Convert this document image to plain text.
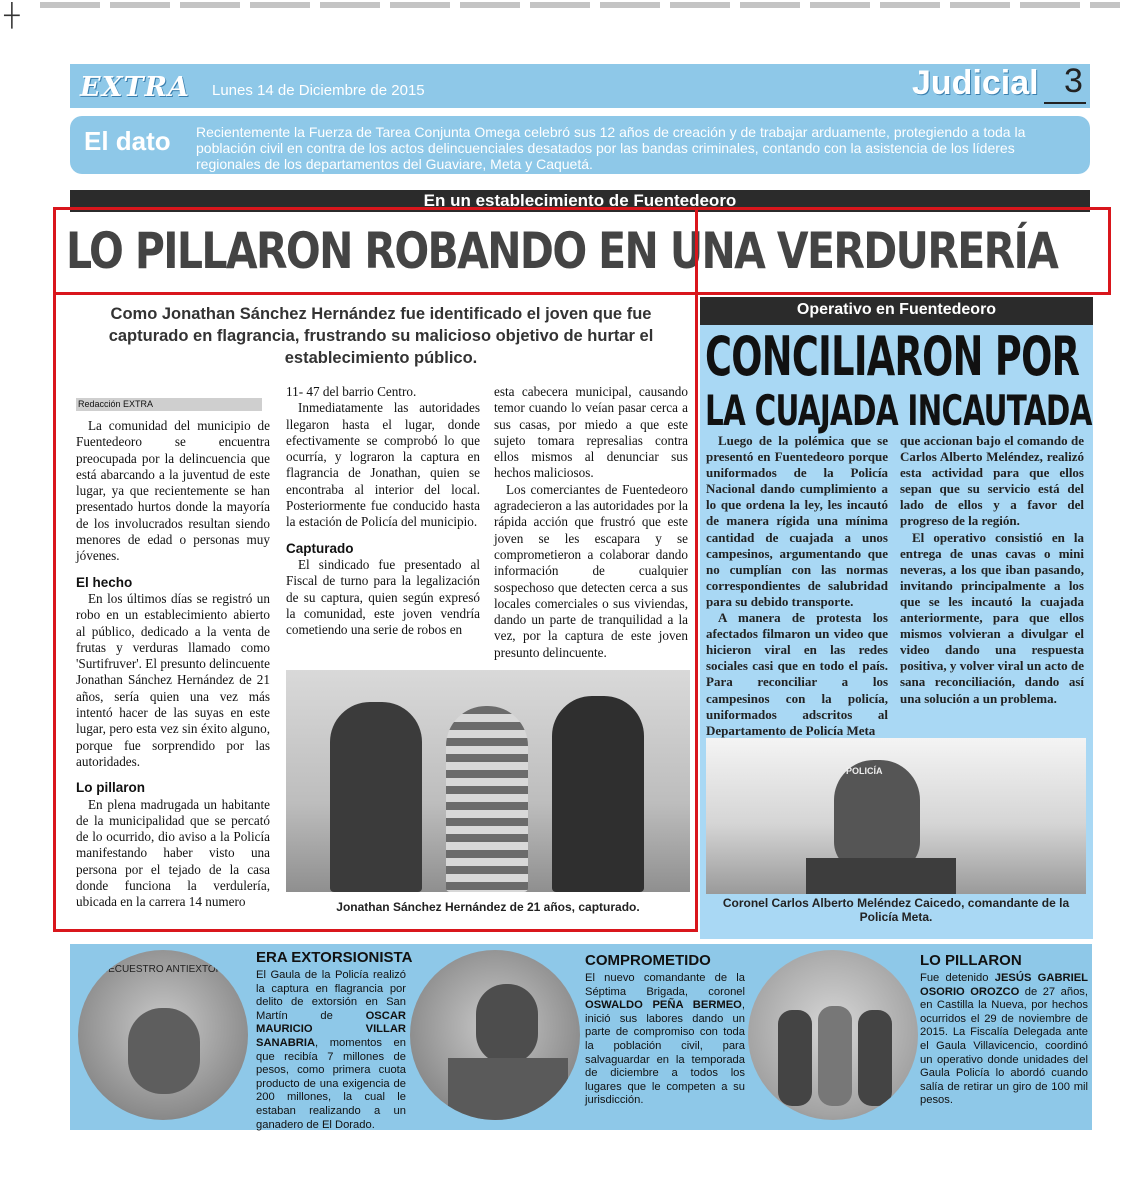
┼
EXTRA Lunes 14 de Diciembre de 2015	Judicial 3
El dato Recientemente la Fuerza de Tarea Conjunta Omega celebró sus 12 años de creación y de trabajar arduamente, protegiendo a toda la población civil en contra de los actos delincuenciales desatados por las bandas criminales, contando con la asistencia de los líderes regionales de los departamentos del Guaviare, Meta y Caquetá.
En un establecimiento de Fuentedeoro
LO PILLARON ROBANDO EN UNA VERDURERÍA
Como Jonathan Sánchez Hernández fue identificado el joven que fue capturado en flagrancia, frustrando su malicioso objetivo de hurtar el establecimiento público.
Redacción EXTRA

La comunidad del municipio de Fuentedeoro se encuentra preocupada por la delincuencia que está abarcando a la juventud de este lugar, ya que recientemente se han presentado hurtos donde la mayoría de los involucrados resultan siendo menores de edad o personas muy jóvenes.

El hecho

En los últimos días se registró un robo en un establecimiento abierto al público, dedicado a la venta de frutas y verduras llamado como 'Surtifruver'. El presunto delincuente Jonathan Sánchez Hernández de 21 años, sería quien una vez más intentó hacer de las suyas en este lugar, pero esta vez sin éxito alguno, porque fue sorprendido por las autoridades.

Lo pillaron

En plena madrugada un habitante de la municipalidad que se percató de lo ocurrido, dio aviso a la Policía manifestando haber visto una persona por el tejado de la casa donde funciona la verdulería, ubicada en la carrera 14 numero

11- 47 del barrio Centro.

Inmediatamente las autoridades llegaron hasta el lugar, donde efectivamente se comprobó lo que ocurría, y lograron la captura en flagrancia de Jonathan, quien se encontraba al interior del local. Posteriormente fue conducido hasta la estación de Policía del municipio.

Capturado

El sindicado fue presentado al Fiscal de turno para la legalización de su captura, quien según expresó la comunidad, este joven vendría cometiendo una serie de robos en

esta cabecera municipal, causando temor cuando lo veían pasar cerca a sus casas, por miedo a que este sujeto tomara represalias contra ellos mismos al denunciar sus hechos maliciosos.

Los comerciantes de Fuentedeoro agradecieron a las autoridades por la rápida acción que frustró que este joven se les escapara y se comprometieron a colaborar dando información de cualquier sospechoso que detecten cerca a sus locales comerciales o sus viviendas, dando un parte de tranquilidad a la vez, por la captura de este joven presunto delincuente.

Jonathan Sánchez Hernández de 21 años, capturado.
Operativo en Fuentedeoro
CONCILIARON POR
LA CUAJADA INCAUTADA

Luego de la polémica que se presentó en Fuentedeoro porque uniformados de la Policía Nacional dando cumplimiento a lo que ordena la ley, les incautó de manera rígida una mínima cantidad de cuajada a unos campesinos, argumentando que no cumplían con las normas correspondientes de salubridad para su debido transporte.

A manera de protesta los afectados filmaron un video que hicieron viral en las redes sociales casi que en todo el país. Para reconciliar a los campesinos con la policía, uniformados adscritos al Departamento de Policía Meta

que accionan bajo el comando de Carlos Alberto Meléndez, realizó esta actividad para que ellos sepan que su servicio está del lado de ellos y a favor del progreso de la región.

El operativo consistió en la entrega de unas cavas o mini neveras, a los que iban pasando, invitando principalmente a los que se les incautó la cuajada anteriormente, para que ellos mismos volvieran a divulgar el video dando una respuesta positiva, y volver viral un acto de sana reconciliación, dando así una solución a un problema.

POLICÍA
Coronel Carlos Alberto Meléndez Caicedo, comandante de la Policía Meta.
ANTISECUESTRO ANTIEXTORSIÓN
ERA EXTORSIONISTA
El Gaula de la Policía realizó la captura en flagrancia por delito de extorsión en San Martín de OSCAR MAURICIO VILLAR SANABRIA, momentos en que recibía 7 millones de pesos, como primera cuota producto de una exigencia de 200 millones, la cual le estaban realizando a un ganadero de El Dorado.
COMPROMETIDO
El nuevo comandante de la Séptima Brigada, coronel OSWALDO PEÑA BERMEO, inició sus labores dando un parte de compromiso con toda la población civil, para salvaguardar en la temporada de diciembre a todos los lugares que le competen a su jurisdicción.
LO PILLARON
Fue detenido JESÚS GABRIEL OSORIO OROZCO de 27 años, en Castilla la Nueva, por hechos ocurridos el 29 de noviembre de 2015. La Fiscalía Delegada ante el Gaula Villavicencio, coordinó un operativo donde unidades del Gaula Policía lo abordó cuando salía de retirar un giro de 100 mil pesos.
